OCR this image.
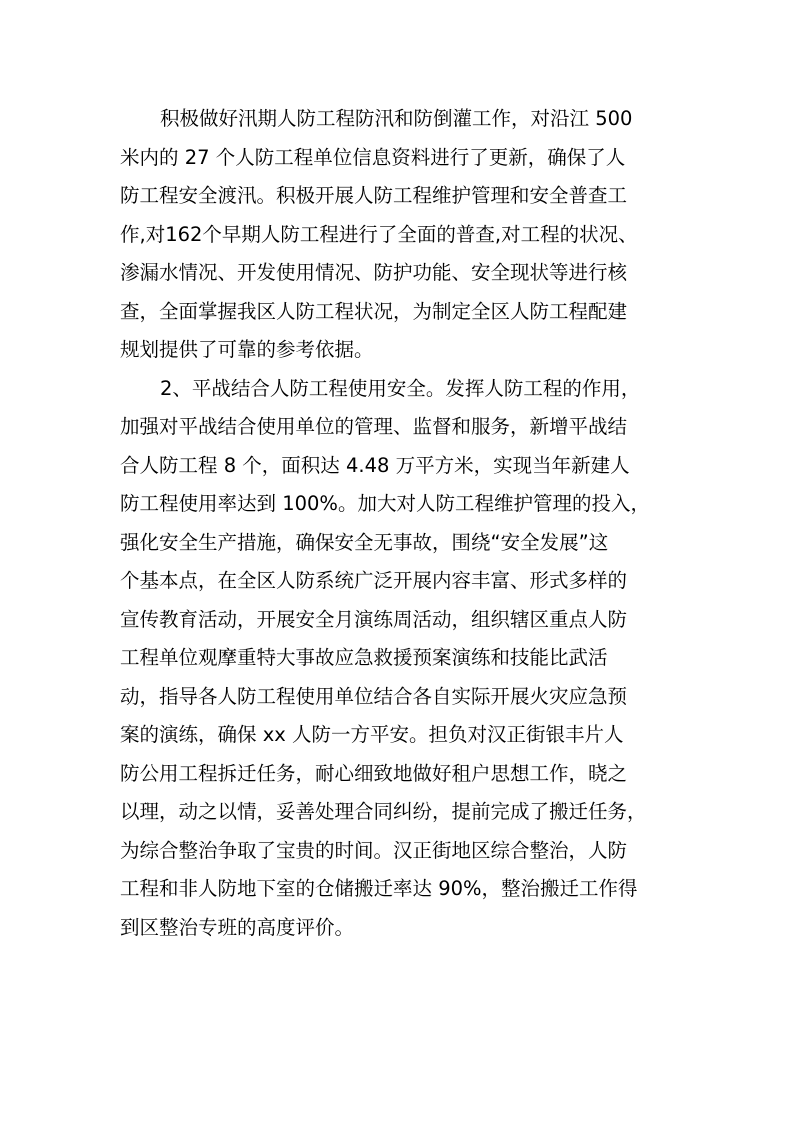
积极做好汛期人防工程防汛和防倒灌工作，对沿江 500
米内的 27 个人防工程单位信息资料进行了更新，确保了人
防工程安全渡汛。积极开展人防工程维护管理和安全普查工
作,对162个早期人防工程进行了全面的普查,对工程的状况、
渗漏水情况、开发使用情况、防护功能、安全现状等进行核
查，全面掌握我区人防工程状况，为制定全区人防工程配建
规划提供了可靠的参考依据。
2、平战结合人防工程使用安全。发挥人防工程的作用，
加强对平战结合使用单位的管理、监督和服务，新增平战结
合人防工程 8 个，面积达 4.48 万平方米，实现当年新建人
防工程使用率达到 100%。加大对人防工程维护管理的投入，
强化安全生产措施，确保安全无事故，围绕“安全发展”这
个基本点，在全区人防系统广泛开展内容丰富、形式多样的
宣传教育活动，开展安全月演练周活动，组织辖区重点人防
工程单位观摩重特大事故应急救援预案演练和技能比武活
动，指导各人防工程使用单位结合各自实际开展火灾应急预
案的演练，确保 xx 人防一方平安。担负对汉正街银丰片人
防公用工程拆迁任务，耐心细致地做好租户思想工作，晓之
以理，动之以情，妥善处理合同纠纷，提前完成了搬迁任务，
为综合整治争取了宝贵的时间。汉正街地区综合整治，人防
工程和非人防地下室的仓储搬迁率达 90%，整治搬迁工作得
到区整治专班的高度评价。
